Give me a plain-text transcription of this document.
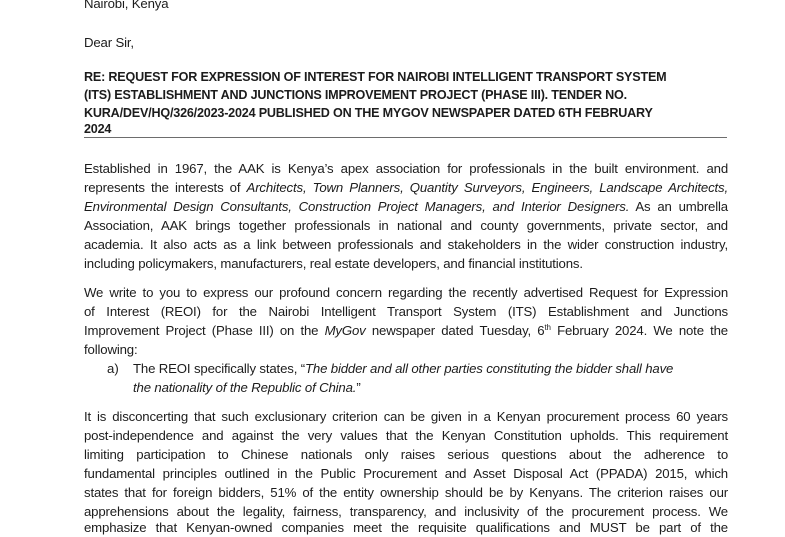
Nairobi, Kenya
Dear Sir,
RE: REQUEST FOR EXPRESSION OF INTEREST FOR NAIROBI INTELLIGENT TRANSPORT SYSTEM
(ITS) ESTABLISHMENT AND JUNCTIONS IMPROVEMENT PROJECT (PHASE III). TENDER NO.
KURA/DEV/HQ/326/2023-2024 PUBLISHED ON THE MYGOV NEWSPAPER DATED 6TH FEBRUARY
2024
Established in 1967, the AAK is Kenya’s apex association for professionals in the built environment. and
represents the interests of Architects, Town Planners, Quantity Surveyors, Engineers, Landscape Architects,
Environmental Design Consultants, Construction Project Managers, and Interior Designers. As an umbrella
Association, AAK brings together professionals in national and county governments, private sector, and
academia. It also acts as a link between professionals and stakeholders in the wider construction industry,
including policymakers, manufacturers, real estate developers, and financial institutions.
We write to you to express our profound concern regarding the recently advertised Request for Expression
of Interest (REOI) for the Nairobi Intelligent Transport System (ITS) Establishment and Junctions
Improvement Project (Phase III) on the MyGov newspaper dated Tuesday, 6th February 2024. We note the
following:
a) The REOI specifically states, “The bidder and all other parties constituting the bidder shall have
the nationality of the Republic of China.”
It is disconcerting that such exclusionary criterion can be given in a Kenyan procurement process 60 years
post-independence and against the very values that the Kenyan Constitution upholds. This requirement
limiting participation to Chinese nationals only raises serious questions about the adherence to
fundamental principles outlined in the Public Procurement and Asset Disposal Act (PPADA) 2015, which
states that for foreign bidders, 51% of the entity ownership should be by Kenyans. The criterion raises our
apprehensions about the legality, fairness, transparency, and inclusivity of the procurement process. We
emphasize that Kenyan-owned companies meet the requisite qualifications and MUST be part of the
